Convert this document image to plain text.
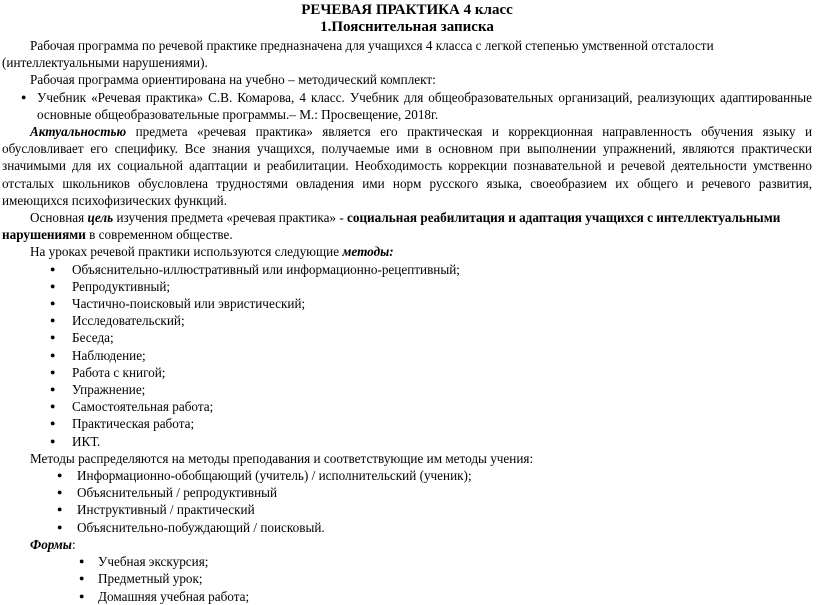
РЕЧЕВАЯ ПРАКТИКА 4 класс

1.Пояснительная записка

Рабочая программа по речевой практике предназначена для учащихся 4 класса с легкой степенью умственной отсталости (интеллектуальными нарушениями).

Рабочая программа ориентирована на учебно – методический комплект:

● Учебник «Речевая практика» С.В. Комарова, 4 класс. Учебник для общеобразовательных организаций, реализующих адаптированные основные общеобразовательные программы.– М.: Просвещение, 2018г.

Актуальностью предмета «речевая практика» является его практическая и коррекционная направленность обучения языку и обусловливает его специфику. Все знания учащихся, получаемые ими в основном при выполнении упражнений, являются практически значимыми для их социальной адаптации и реабилитации. Необходимость коррекции познавательной и речевой деятельности умственно отсталых школьников обусловлена трудностями овладения ими норм русского языка, своеобразием их общего и речевого развития, имеющихся психофизических функций.

Основная цель изучения предмета «речевая практика» - социальная реабилитация и адаптация учащихся с интеллектуальными нарушениями в современном обществе.

На уроках речевой практики используются следующие методы:

● Объяснительно-иллюстративный или информационно-рецептивный;
● Репродуктивный;
● Частично-поисковый или эвристический;
● Исследовательский;
● Беседа;
● Наблюдение;
● Работа с книгой;
● Упражнение;
● Самостоятельная работа;
● Практическая работа;
● ИКТ.

Методы распределяются на методы преподавания и соответствующие им методы учения:

● Информационно-обобщающий (учитель) / исполнительский (ученик);
● Объяснительный / репродуктивный
● Инструктивный / практический
● Объяснительно-побуждающий / поисковый.

Формы:

● Учебная экскурсия;
● Предметный урок;
● Домашняя учебная работа;
